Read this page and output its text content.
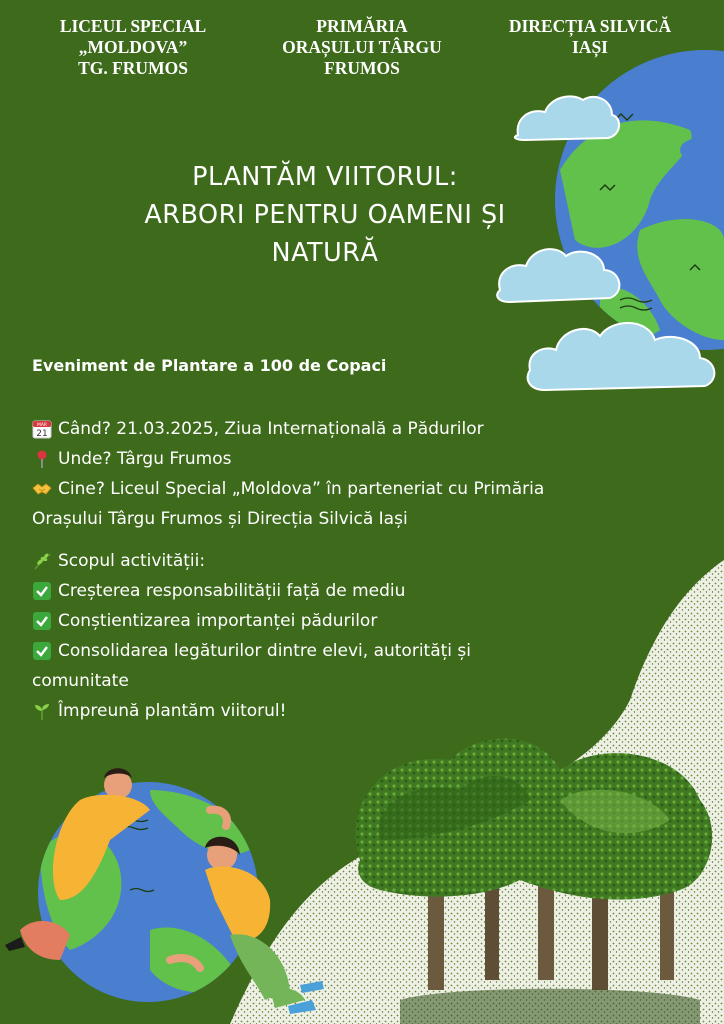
LICEUL SPECIAL
„MOLDOVA”
TG. FRUMOS
PRIMĂRIA
ORAȘULUI TÂRGU
FRUMOS
DIRECȚIA SILVICĂ
IAȘI
PLANTĂM VIITORUL:
ARBORI PENTRU OAMENI ȘI
NATURĂ
Eveniment de Plantare a 100 de Copaci
MAR
21 Când? 21.03.2025, Ziua Internațională a Pădurilor
Unde? Târgu Frumos
Cine? Liceul Special „Moldova” în parteneriat cu Primăria
Orașului Târgu Frumos și Direcția Silvică Iași
Scopul activității:
Creșterea responsabilității față de mediu
Conștientizarea importanței pădurilor
Consolidarea legăturilor dintre elevi, autorități și
comunitate
Împreună plantăm viitorul!
